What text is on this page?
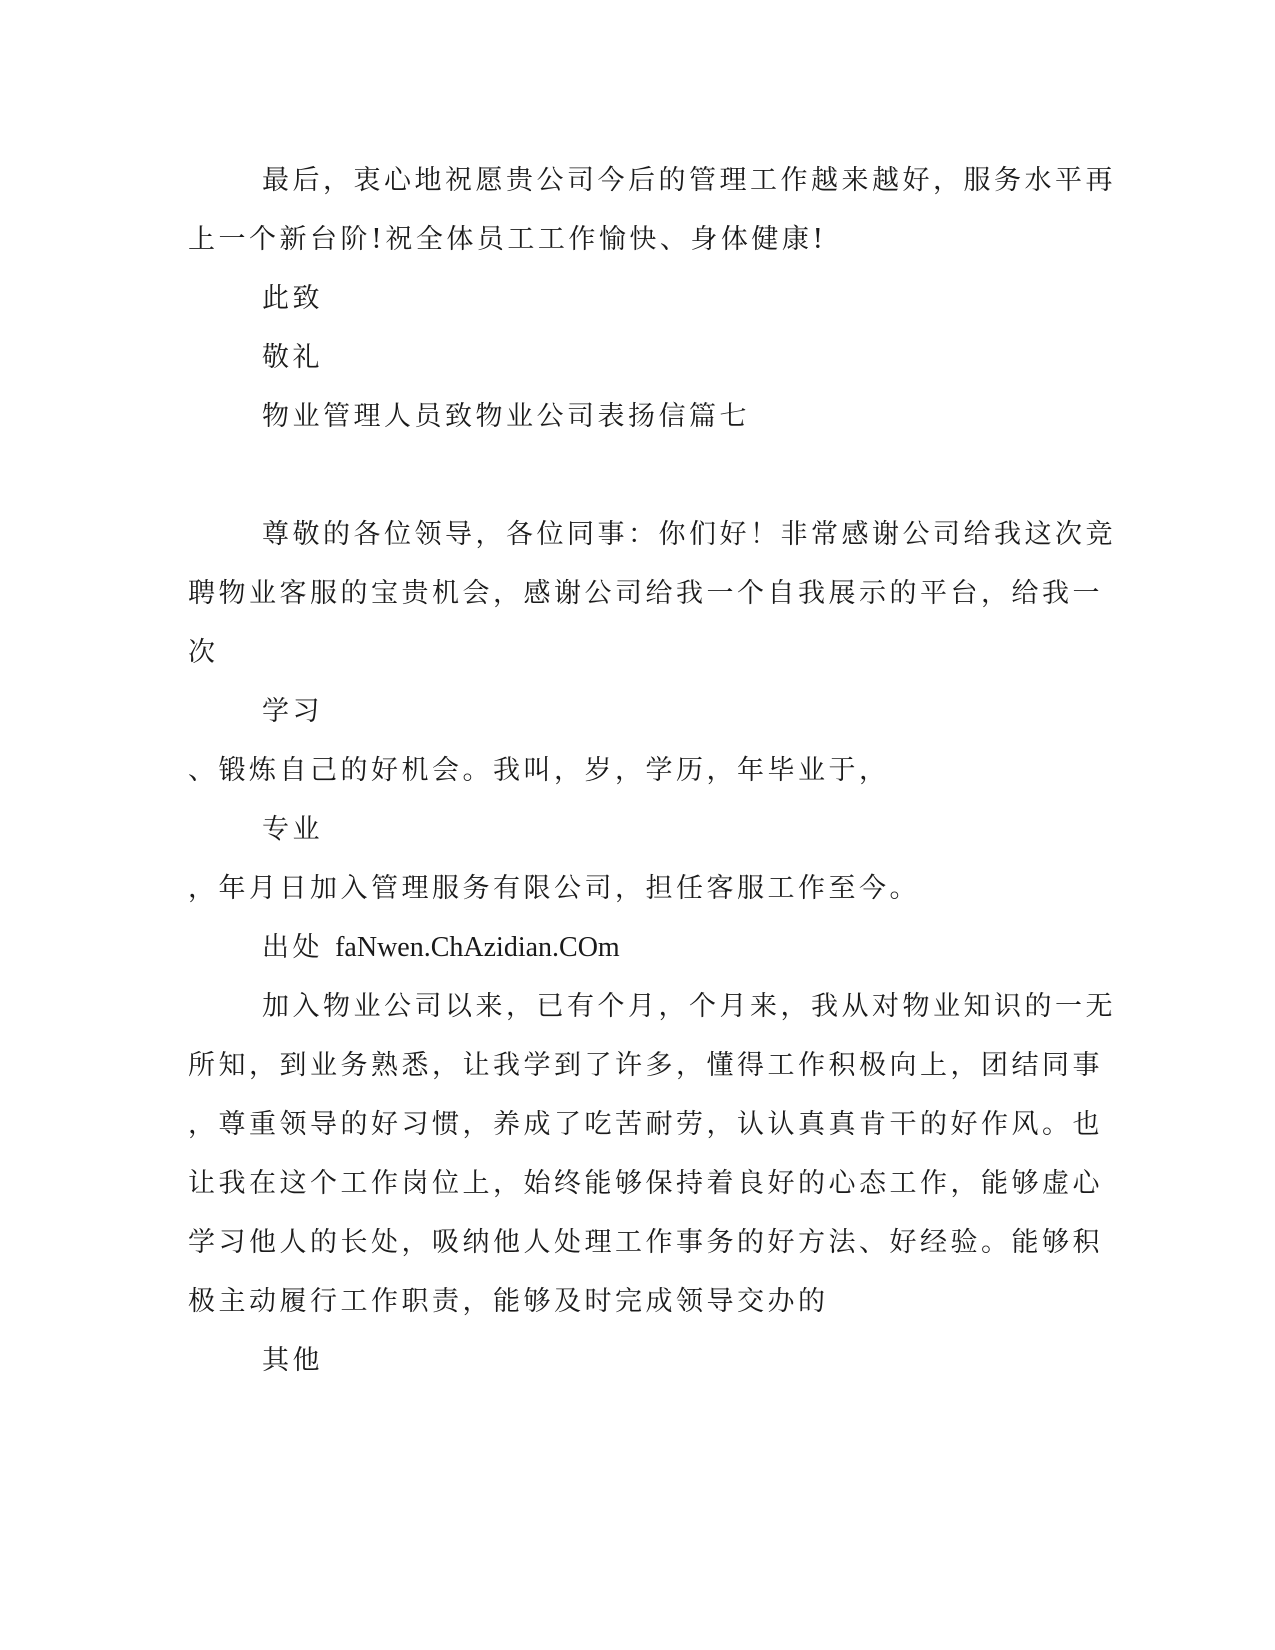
最后，衷心地祝愿贵公司今后的管理工作越来越好，服务水平再
上一个新台阶!祝全体员工工作愉快、身体健康!
此致
敬礼
物业管理人员致物业公司表扬信篇七
尊敬的各位领导，各位同事：你们好！非常感谢公司给我这次竞
聘物业客服的宝贵机会，感谢公司给我一个自我展示的平台，给我一
次
学习
、锻炼自己的好机会。我叫，岁，学历，年毕业于，
专业
，年月日加入管理服务有限公司，担任客服工作至今。
出处 faNwen.ChAzidian.COm
加入物业公司以来，已有个月，个月来，我从对物业知识的一无
所知，到业务熟悉，让我学到了许多，懂得工作积极向上，团结同事
，尊重领导的好习惯，养成了吃苦耐劳，认认真真肯干的好作风。也
让我在这个工作岗位上，始终能够保持着良好的心态工作，能够虚心
学习他人的长处，吸纳他人处理工作事务的好方法、好经验。能够积
极主动履行工作职责，能够及时完成领导交办的
其他
